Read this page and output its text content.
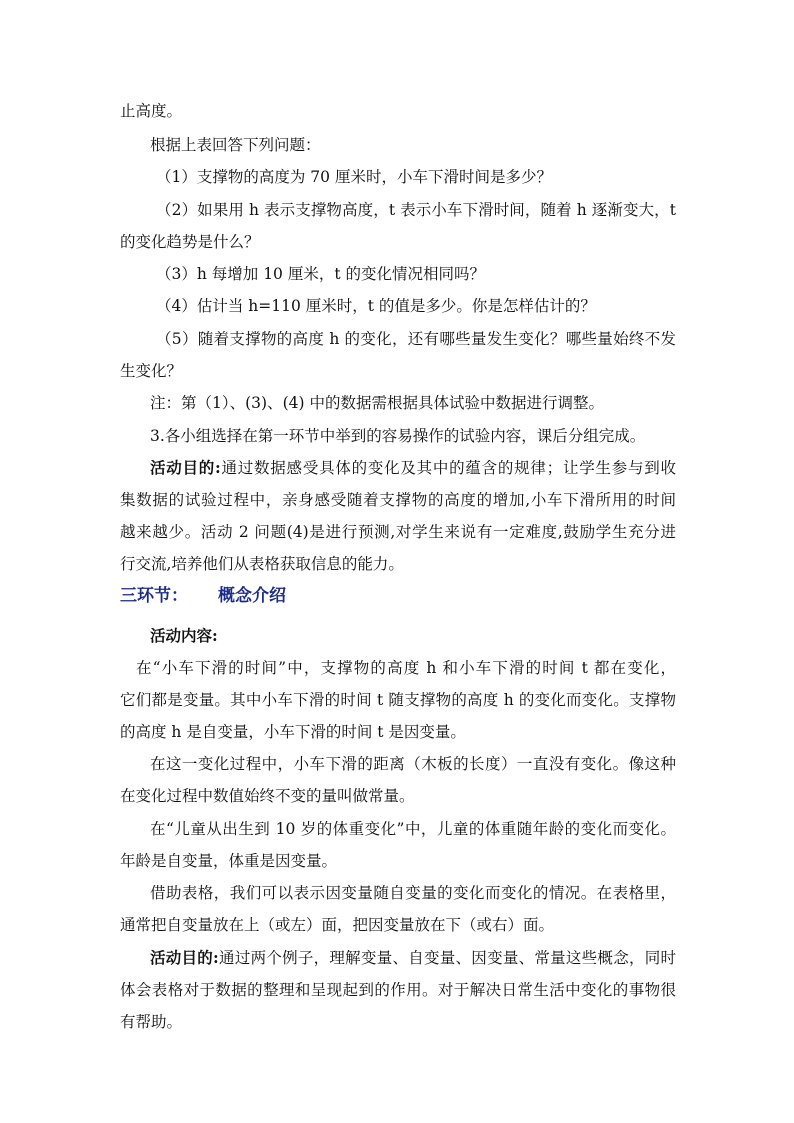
止高度。
根据上表回答下列问题：
（1）支撑物的高度为 70 厘米时，小车下滑时间是多少？
（2）如果用 h 表示支撑物高度，t 表示小车下滑时间，随着 h 逐渐变大，t
的变化趋势是什么？
（3）h 每增加 10 厘米，t 的变化情况相同吗？
（4）估计当 h=110 厘米时，t 的值是多少。你是怎样估计的？
（5）随着支撑物的高度 h 的变化，还有哪些量发生变化？哪些量始终不发
生变化？
注：第（1）、(3)、(4) 中的数据需根据具体试验中数据进行调整。
3.各小组选择在第一环节中举到的容易操作的试验内容，课后分组完成。
活动目的:通过数据感受具体的变化及其中的蕴含的规律；让学生参与到收
集数据的试验过程中，亲身感受随着支撑物的高度的增加,小车下滑所用的时间
越来越少。活动 2 问题(4)是进行预测,对学生来说有一定难度,鼓励学生充分进
行交流,培养他们从表格获取信息的能力。
三环节： 概念介绍
活动内容:
在“小车下滑的时间”中，支撑物的高度 h 和小车下滑的时间 t 都在变化，
它们都是变量。其中小车下滑的时间 t 随支撑物的高度 h 的变化而变化。支撑物
的高度 h 是自变量，小车下滑的时间 t 是因变量。
在这一变化过程中，小车下滑的距离（木板的长度）一直没有变化。像这种
在变化过程中数值始终不变的量叫做常量。
在“儿童从出生到 10 岁的体重变化”中，儿童的体重随年龄的变化而变化。
年龄是自变量，体重是因变量。
借助表格，我们可以表示因变量随自变量的变化而变化的情况。在表格里，
通常把自变量放在上（或左）面，把因变量放在下（或右）面。
活动目的:通过两个例子，理解变量、自变量、因变量、常量这些概念，同时
体会表格对于数据的整理和呈现起到的作用。对于解决日常生活中变化的事物很
有帮助。
